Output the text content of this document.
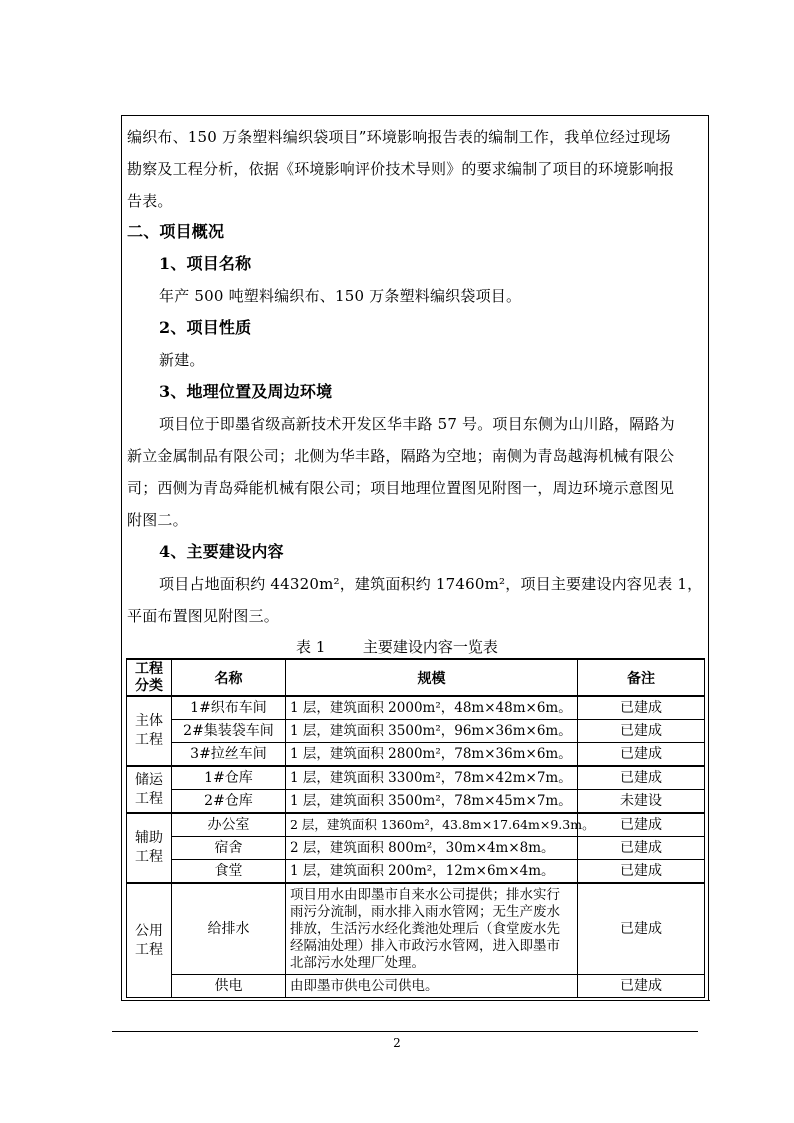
编织布、150 万条塑料编织袋项目”环境影响报告表的编制工作，我单位经过现场
勘察及工程分析，依据《环境影响评价技术导则》的要求编制了项目的环境影响报
告表。
二、项目概况
1、项目名称
年产 500 吨塑料编织布、150 万条塑料编织袋项目。
2、项目性质
新建。
3、地理位置及周边环境
项目位于即墨省级高新技术开发区华丰路 57 号。项目东侧为山川路，隔路为
新立金属制品有限公司；北侧为华丰路，隔路为空地；南侧为青岛越海机械有限公
司；西侧为青岛舜能机械有限公司；项目地理位置图见附图一，周边环境示意图见
附图二。
4、主要建设内容
项目占地面积约 44320m²，建筑面积约 17460m²，项目主要建设内容见表 1，
平面布置图见附图三。
表 1	主要建设内容一览表
工程分类	名称	规模	备注
主体工程	1#织布车间	1 层，建筑面积 2000m²，48m×48m×6m。	已建成
	2#集装袋车间	1 层，建筑面积 3500m²，96m×36m×6m。	已建成
	3#拉丝车间	1 层，建筑面积 2800m²，78m×36m×6m。	已建成
储运工程	1#仓库	1 层，建筑面积 3300m²，78m×42m×7m。	已建成
	2#仓库	1 层，建筑面积 3500m²，78m×45m×7m。	未建设
辅助工程	办公室	2 层，建筑面积 1360m²，43.8m×17.64m×9.3m。	已建成
	宿舍	2 层，建筑面积 800m²，30m×4m×8m。	已建成
	食堂	1 层，建筑面积 200m²，12m×6m×4m。	已建成
公用工程	给排水	项目用水由即墨市自来水公司提供；排水实行雨污分流制，雨水排入雨水管网；无生产废水排放，生活污水经化粪池处理后（食堂废水先经隔油处理）排入市政污水管网，进入即墨市北部污水处理厂处理。	已建成
	供电	由即墨市供电公司供电。	已建成
2
